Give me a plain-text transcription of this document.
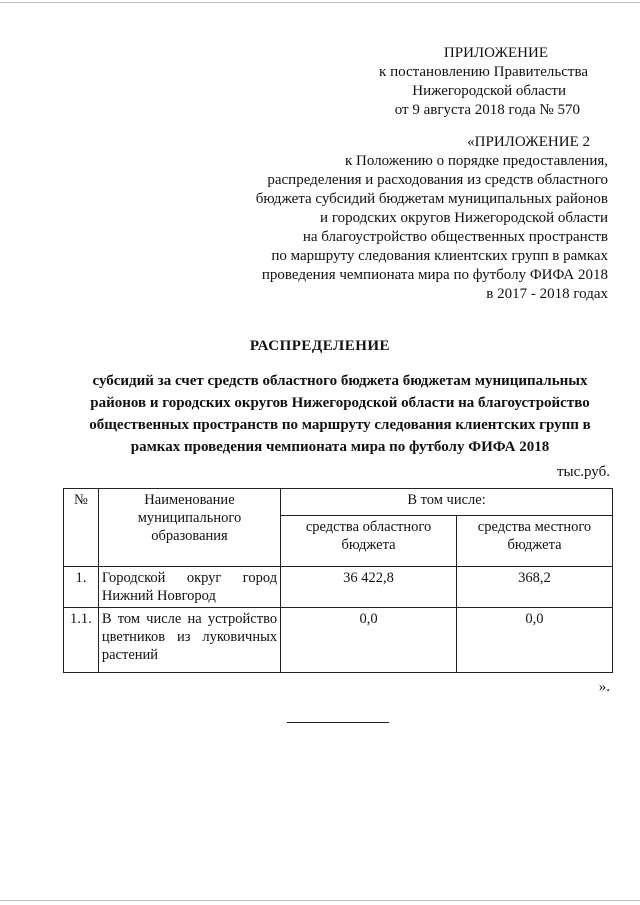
ПРИЛОЖЕНИЕ
к постановлению Правительства
Нижегородской области
от 9 августа 2018 года № 570
«ПРИЛОЖЕНИЕ 2
к Положению о порядке предоставления,
распределения и расходования из средств областного
бюджета субсидий бюджетам муниципальных районов
и городских округов Нижегородской области
на благоустройство общественных пространств
по маршруту следования клиентских групп в рамках
проведения чемпионата мира по футболу ФИФА 2018
в 2017 - 2018 годах
РАСПРЕДЕЛЕНИЕ
субсидий за счет средств областного бюджета бюджетам муниципальных
районов и городских округов Нижегородской области на благоустройство
общественных пространств по маршруту следования клиентских групп в
рамках проведения чемпионата мира по футболу ФИФА 2018
тыс.руб.
№	Наименование муниципального образования	В том числе:	
		средства областного бюджета	средства местного бюджета
1.	Городской округ город
Нижний Новгород	36 422,8	368,2
1.1.	В том числе на устройство
цветников из луковичных
растений	0,0	0,0
».
